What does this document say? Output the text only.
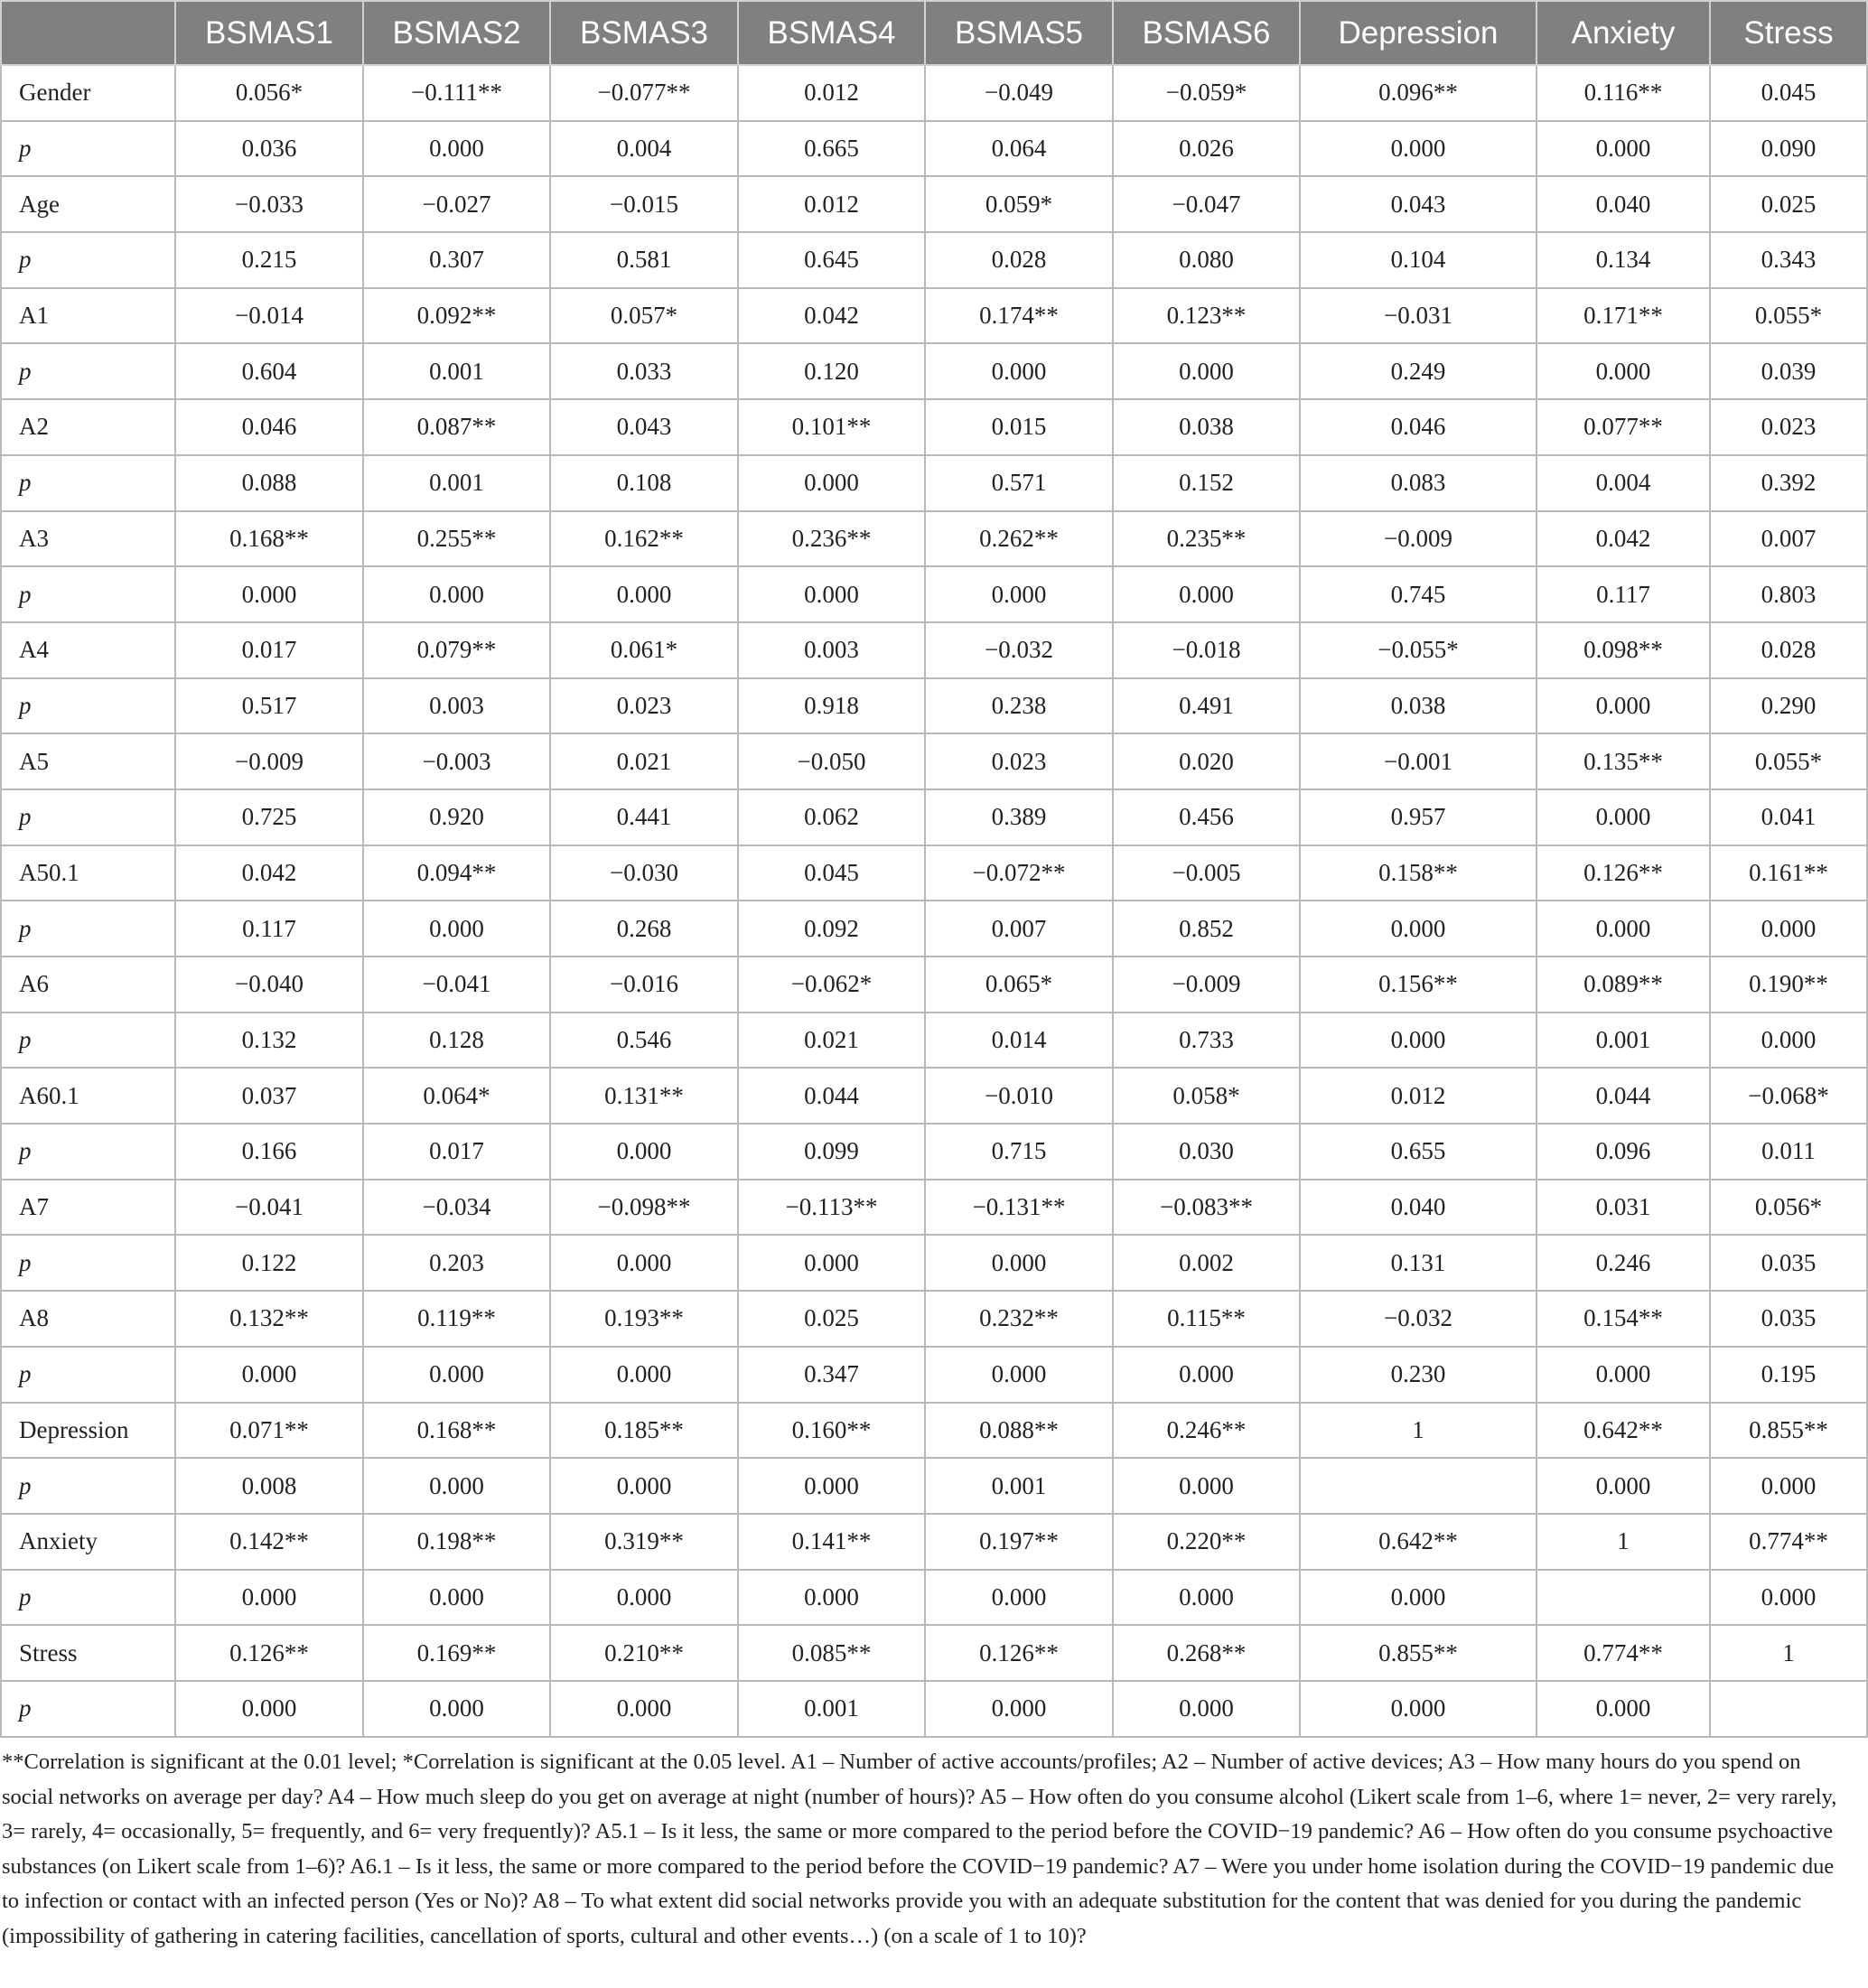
	BSMAS1	BSMAS2	BSMAS3	BSMAS4	BSMAS5	BSMAS6	Depression	Anxiety	Stress
Gender	0.056*	−0.111**	−0.077**	0.012	−0.049	−0.059*	0.096**	0.116**	0.045
p	0.036	0.000	0.004	0.665	0.064	0.026	0.000	0.000	0.090
Age	−0.033	−0.027	−0.015	0.012	0.059*	−0.047	0.043	0.040	0.025
p	0.215	0.307	0.581	0.645	0.028	0.080	0.104	0.134	0.343
A1	−0.014	0.092**	0.057*	0.042	0.174**	0.123**	−0.031	0.171**	0.055*
p	0.604	0.001	0.033	0.120	0.000	0.000	0.249	0.000	0.039
A2	0.046	0.087**	0.043	0.101**	0.015	0.038	0.046	0.077**	0.023
p	0.088	0.001	0.108	0.000	0.571	0.152	0.083	0.004	0.392
A3	0.168**	0.255**	0.162**	0.236**	0.262**	0.235**	−0.009	0.042	0.007
p	0.000	0.000	0.000	0.000	0.000	0.000	0.745	0.117	0.803
A4	0.017	0.079**	0.061*	0.003	−0.032	−0.018	−0.055*	0.098**	0.028
p	0.517	0.003	0.023	0.918	0.238	0.491	0.038	0.000	0.290
A5	−0.009	−0.003	0.021	−0.050	0.023	0.020	−0.001	0.135**	0.055*
p	0.725	0.920	0.441	0.062	0.389	0.456	0.957	0.000	0.041
A50.1	0.042	0.094**	−0.030	0.045	−0.072**	−0.005	0.158**	0.126**	0.161**
p	0.117	0.000	0.268	0.092	0.007	0.852	0.000	0.000	0.000
A6	−0.040	−0.041	−0.016	−0.062*	0.065*	−0.009	0.156**	0.089**	0.190**
p	0.132	0.128	0.546	0.021	0.014	0.733	0.000	0.001	0.000
A60.1	0.037	0.064*	0.131**	0.044	−0.010	0.058*	0.012	0.044	−0.068*
p	0.166	0.017	0.000	0.099	0.715	0.030	0.655	0.096	0.011
A7	−0.041	−0.034	−0.098**	−0.113**	−0.131**	−0.083**	0.040	0.031	0.056*
p	0.122	0.203	0.000	0.000	0.000	0.002	0.131	0.246	0.035
A8	0.132**	0.119**	0.193**	0.025	0.232**	0.115**	−0.032	0.154**	0.035
p	0.000	0.000	0.000	0.347	0.000	0.000	0.230	0.000	0.195
Depression	0.071**	0.168**	0.185**	0.160**	0.088**	0.246**	1	0.642**	0.855**
p	0.008	0.000	0.000	0.000	0.001	0.000		0.000	0.000
Anxiety	0.142**	0.198**	0.319**	0.141**	0.197**	0.220**	0.642**	1	0.774**
p	0.000	0.000	0.000	0.000	0.000	0.000	0.000		0.000
Stress	0.126**	0.169**	0.210**	0.085**	0.126**	0.268**	0.855**	0.774**	1
p	0.000	0.000	0.000	0.001	0.000	0.000	0.000	0.000	

**Correlation is significant at the 0.01 level; *Correlation is significant at the 0.05 level. A1 – Number of active accounts/profiles; A2 – Number of active devices; A3 – How many hours do you spend on social networks on average per day? A4 – How much sleep do you get on average at night (number of hours)? A5 – How often do you consume alcohol (Likert scale from 1–6, where 1= never, 2= very rarely, 3= rarely, 4= occasionally, 5= frequently, and 6= very frequently)? A5.1 – Is it less, the same or more compared to the period before the COVID−19 pandemic? A6 – How often do you consume psychoactive substances (on Likert scale from 1–6)? A6.1 – Is it less, the same or more compared to the period before the COVID−19 pandemic? A7 – Were you under home isolation during the COVID−19 pandemic due to infection or contact with an infected person (Yes or No)? A8 – To what extent did social networks provide you with an adequate substitution for the content that was denied for you during the pandemic (impossibility of gathering in catering facilities, cancellation of sports, cultural and other events…) (on a scale of 1 to 10)?
